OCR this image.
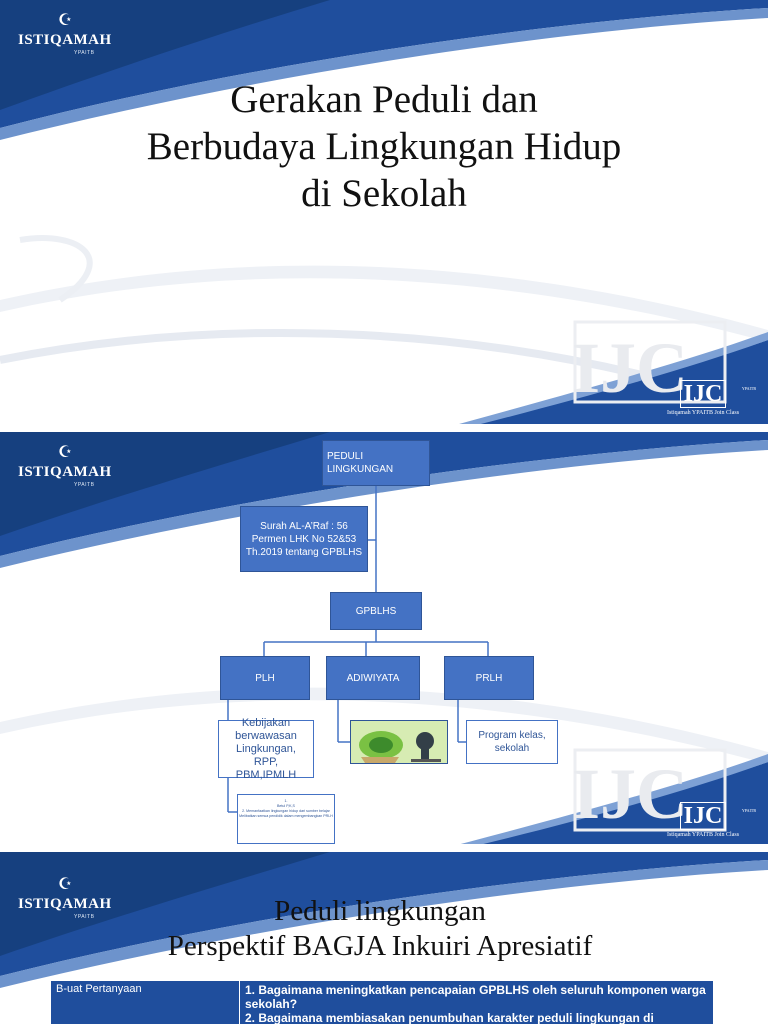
IJC
☪
ISTIQAMAH
YPAITB
Gerakan Peduli dan
Berbudaya Lingkungan Hidup
di Sekolah
IJC	YPAITB
Istiqamah YPAITB Join Class
IJC
☪
ISTIQAMAH
YPAITB
PEDULI LINGKUNGAN
Surah AL-A’Raf : 56 Permen LHK No 52&53 Th.2019 tentang GPBLHS
GPBLHS
PLH	ADIWIYATA	PRLH
Kebijakan berwawasan Lingkungan, RPP, PBM,IPMLH
Program kelas, sekolah
1.
Betul P,K,S
2. Memanfaatkan lingkungan hidup dari sumber belajar
Melibatkan semua pendidik dalam mengembangkan PRLH	IJC	YPAITB
Istiqamah YPAITB Join Class
☪
ISTIQAMAH
YPAITB	Peduli lingkungan
Perspektif BAGJA Inkuiri Apresiatif
B-uat Pertanyaan	1. Bagaimana meningkatkan pencapaian GPBLHS oleh seluruh komponen warga sekolah?
2. Bagaimana membiasakan penumbuhan karakter peduli lingkungan di
